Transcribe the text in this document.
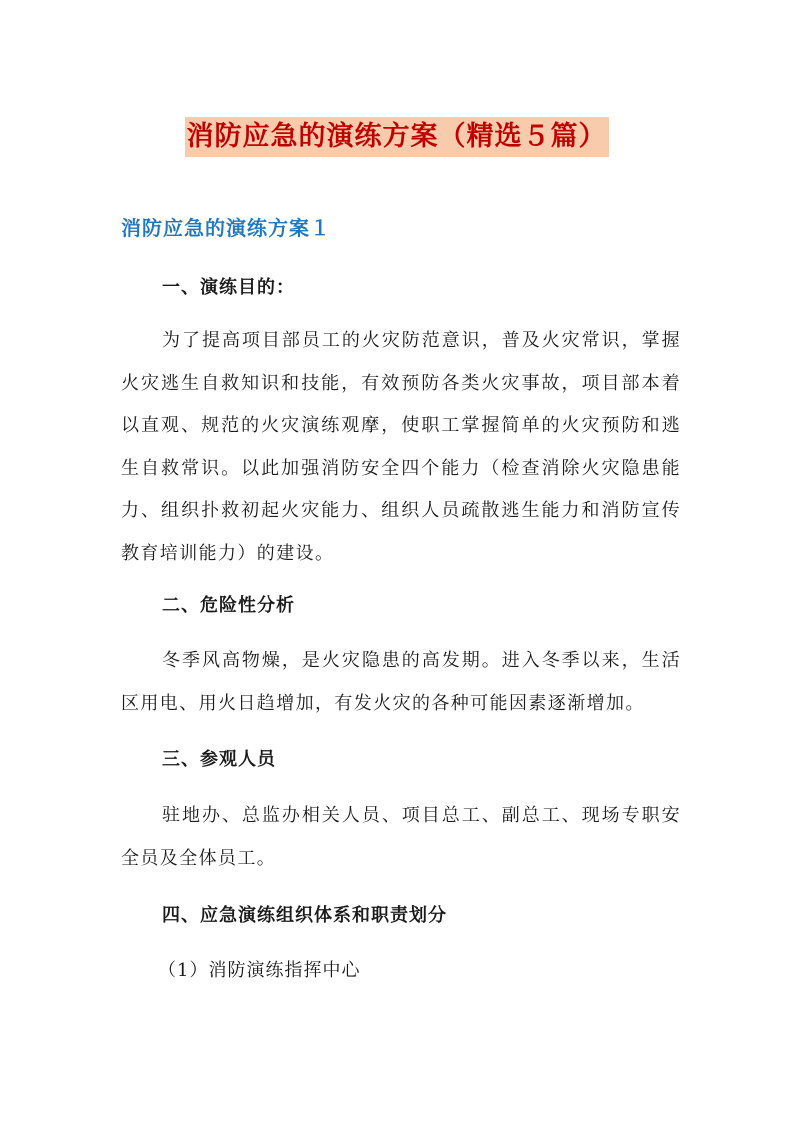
消防应急的演练方案（精选５篇）
消防应急的演练方案１
一、演练目的：

为了提高项目部员工的火灾防范意识，普及火灾常识，掌握火灾逃生自救知识和技能，有效预防各类火灾事故，项目部本着以直观、规范的火灾演练观摩，使职工掌握简单的火灾预防和逃生自救常识。以此加强消防安全四个能力（检查消除火灾隐患能力、组织扑救初起火灾能力、组织人员疏散逃生能力和消防宣传教育培训能力）的建设。

二、危险性分析

冬季风高物燥，是火灾隐患的高发期。进入冬季以来，生活区用电、用火日趋增加，有发火灾的各种可能因素逐渐增加。

三、参观人员

驻地办、总监办相关人员、项目总工、副总工、现场专职安全员及全体员工。

四、应急演练组织体系和职责划分
（1）消防演练指挥中心
